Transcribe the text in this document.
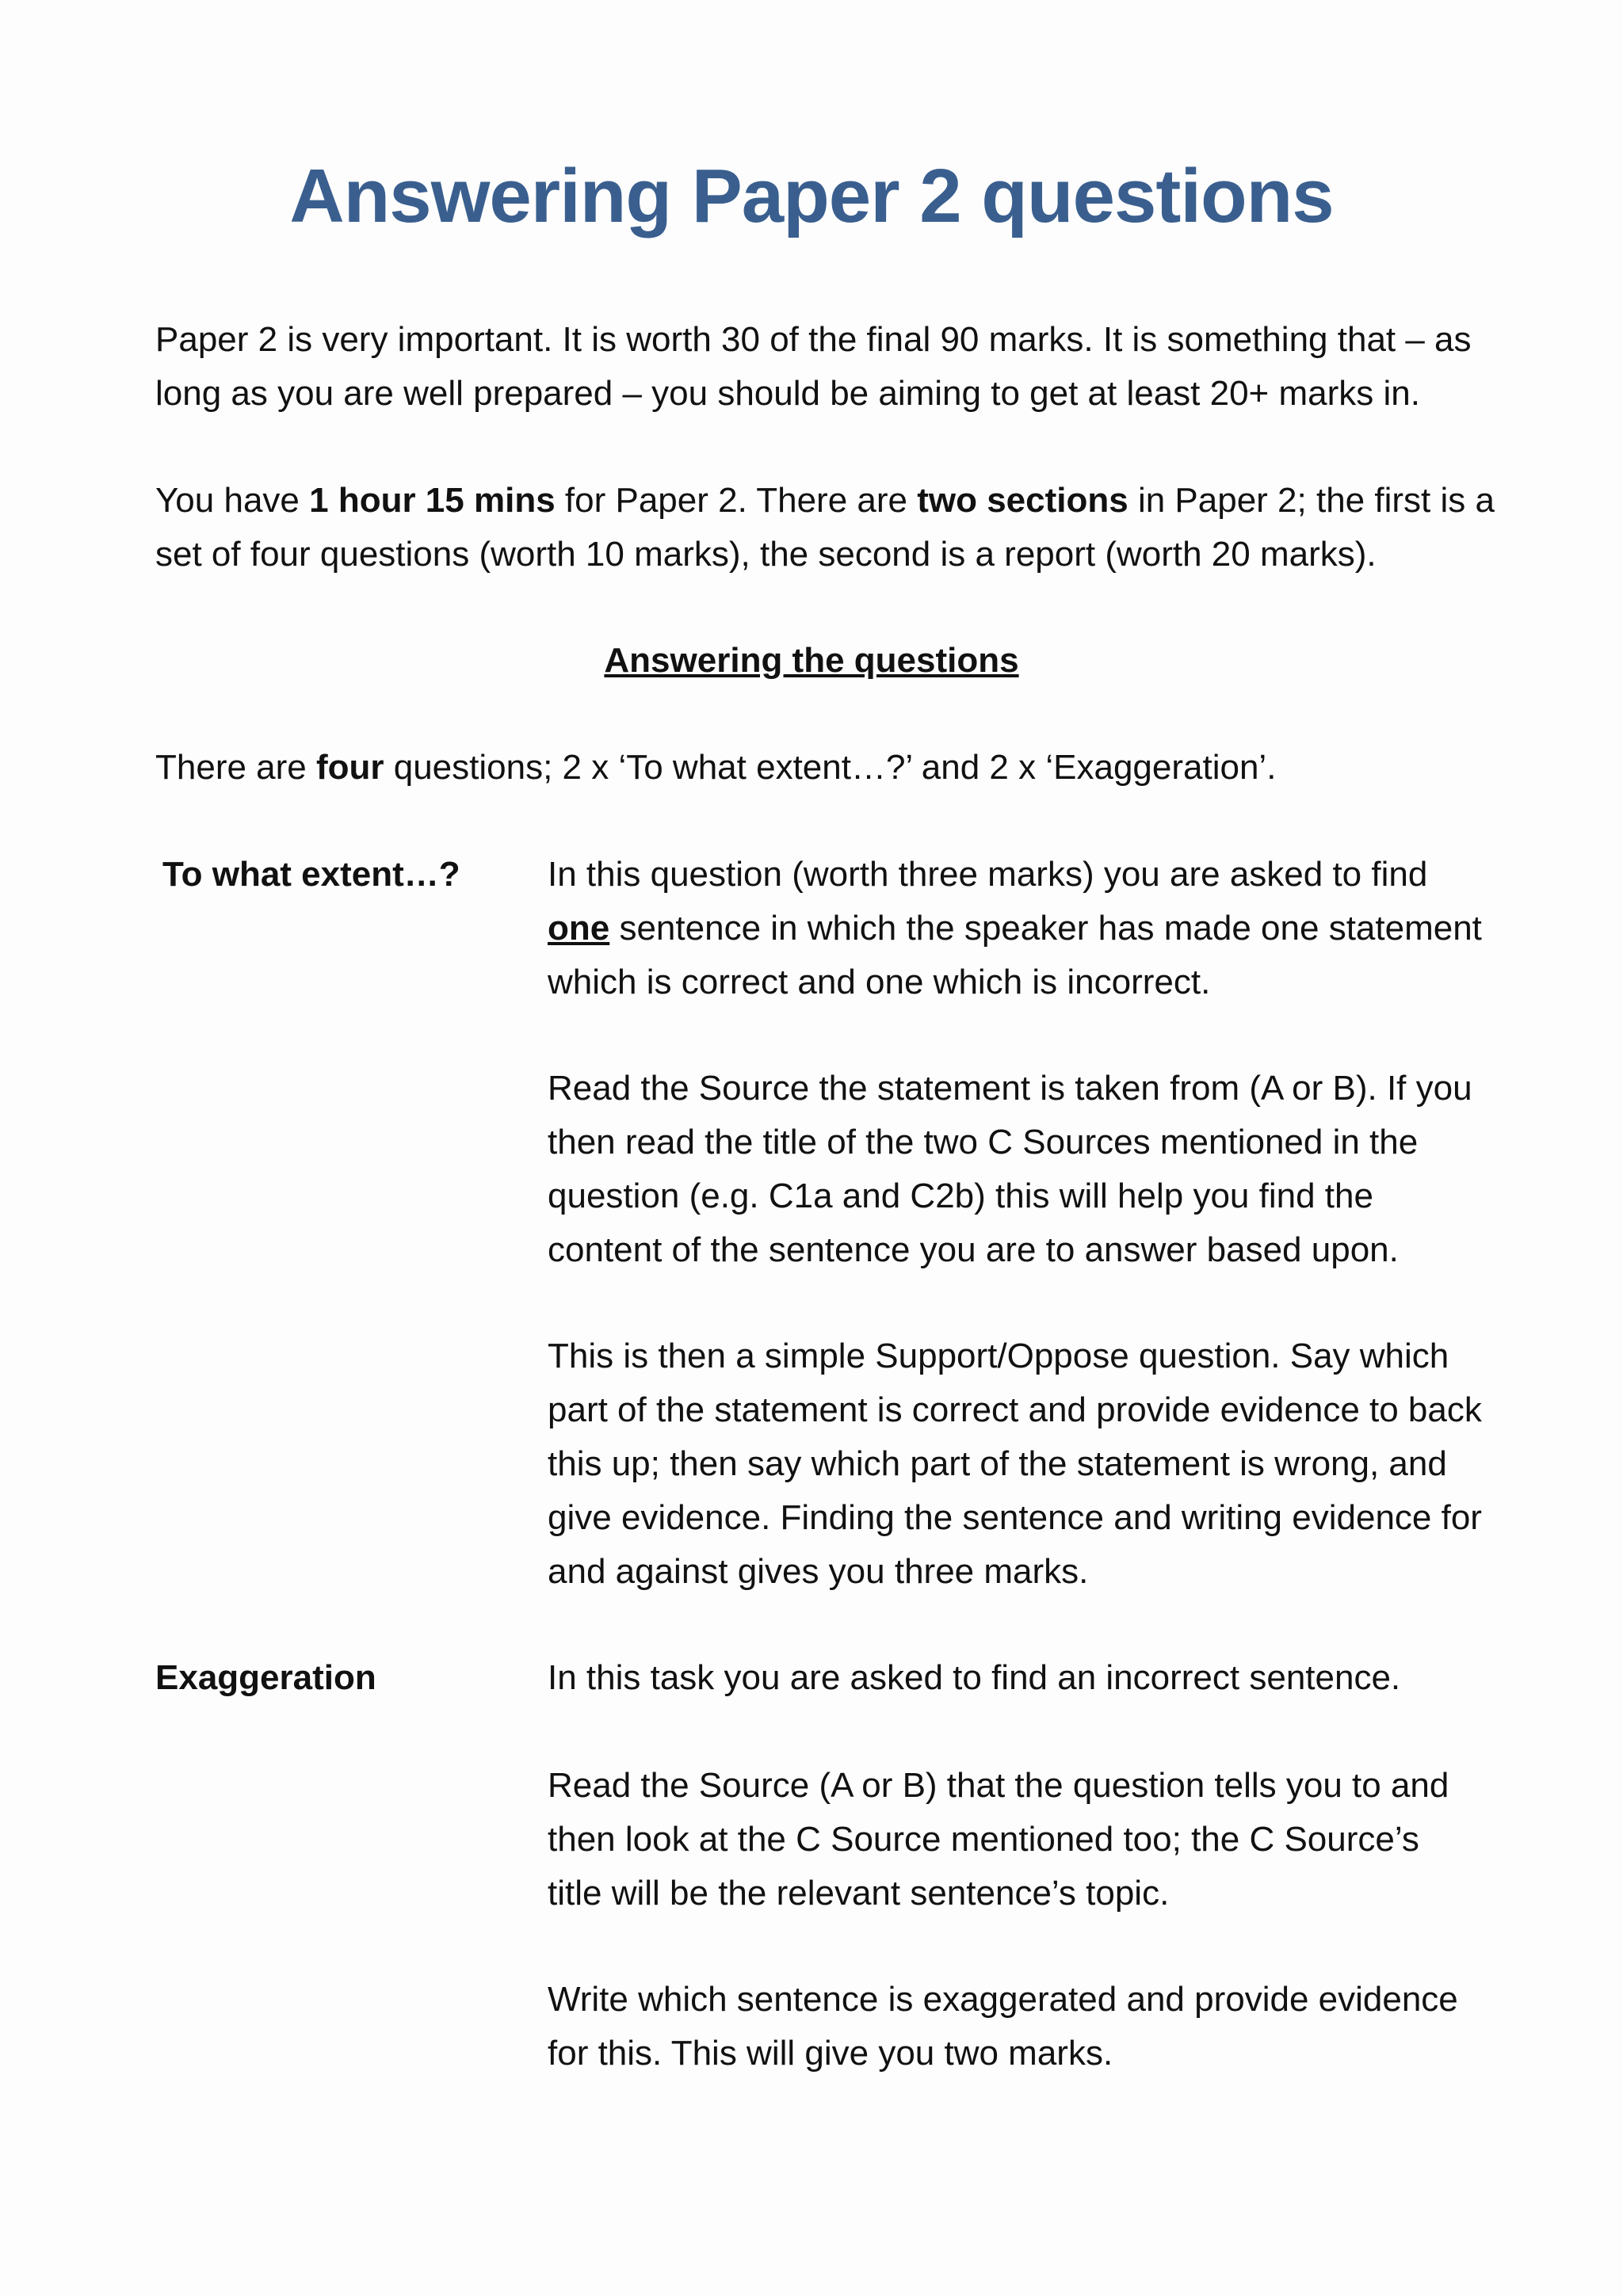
Answering Paper 2 questions

Paper 2 is very important. It is worth 30 of the final 90 marks. It is something that – as long as you are well prepared – you should be aiming to get at least 20+ marks in.

You have 1 hour 15 mins for Paper 2. There are two sections in Paper 2; the first is a set of four questions (worth 10 marks), the second is a report (worth 20 marks).

Answering the questions

There are four questions; 2 x ‘To what extent…?’ and 2 x ‘Exaggeration’.

To what extent…?	In this question (worth three marks) you are asked to find one sentence in which the speaker has made one statement which is correct and one which is incorrect.

Read the Source the statement is taken from (A or B). If you then read the title of the two C Sources mentioned in the question (e.g. C1a and C2b) this will help you find the content of the sentence you are to answer based upon.

This is then a simple Support/Oppose question. Say which part of the statement is correct and provide evidence to back this up; then say which part of the statement is wrong, and give evidence. Finding the sentence and writing evidence for and against gives you three marks.

Exaggeration	In this task you are asked to find an incorrect sentence.

Read the Source (A or B) that the question tells you to and then look at the C Source mentioned too; the C Source’s title will be the relevant sentence’s topic.

Write which sentence is exaggerated and provide evidence for this. This will give you two marks.
